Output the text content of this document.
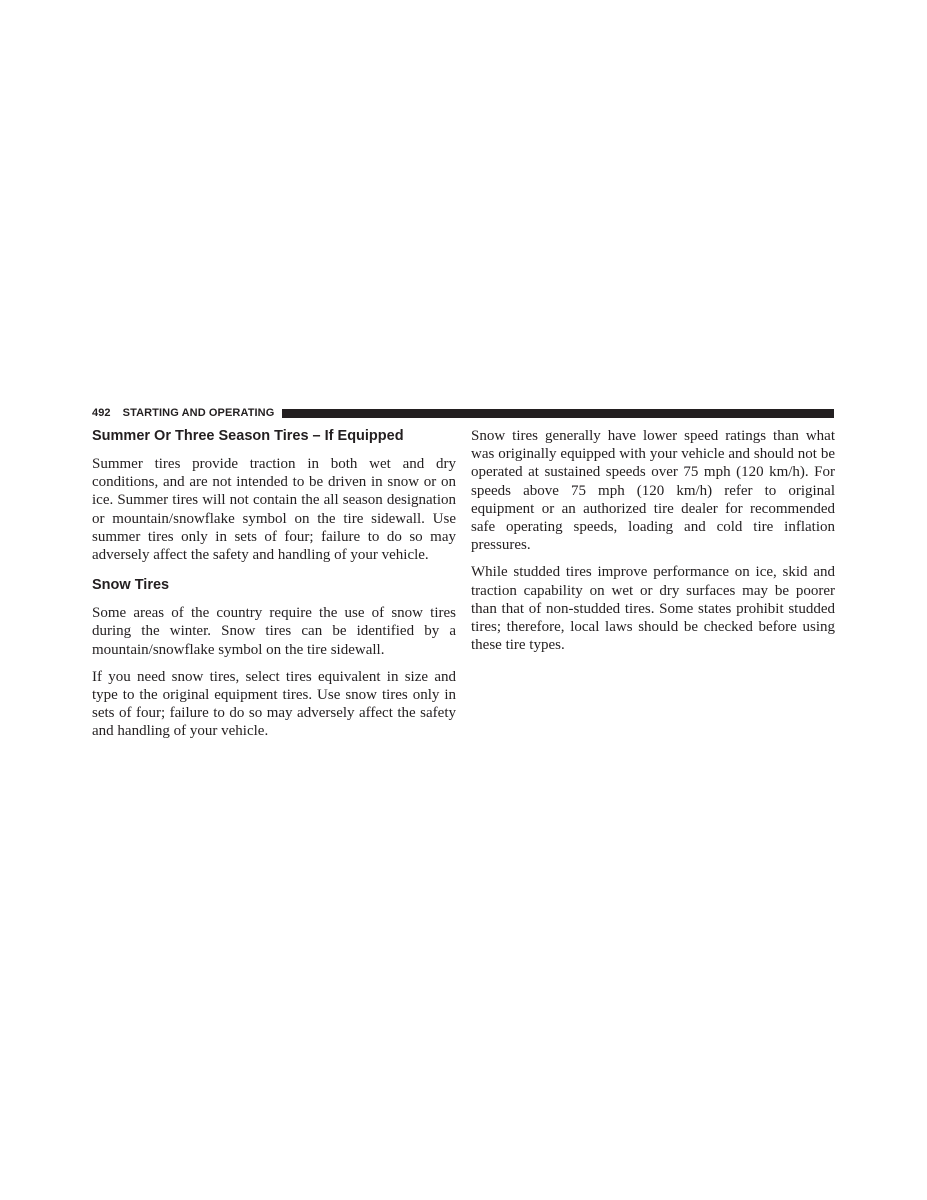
492 STARTING AND OPERATING
Summer Or Three Season Tires – If Equipped

Summer tires provide traction in both wet and dry conditions, and are not intended to be driven in snow or on ice. Summer tires will not contain the all season designation or mountain/snowflake symbol on the tire sidewall. Use summer tires only in sets of four; failure to do so may adversely affect the safety and handling of your vehicle.

Snow Tires

Some areas of the country require the use of snow tires during the winter. Snow tires can be identified by a mountain/snowflake symbol on the tire sidewall.

If you need snow tires, select tires equivalent in size and type to the original equipment tires. Use snow tires only in sets of four; failure to do so may adversely affect the safety and handling of your vehicle.

Snow tires generally have lower speed ratings than what was originally equipped with your vehicle and should not be operated at sustained speeds over 75 mph (120 km/h). For speeds above 75 mph (120 km/h) refer to original equipment or an authorized tire dealer for recommended safe operating speeds, loading and cold tire inflation pressures.

While studded tires improve performance on ice, skid and traction capability on wet or dry surfaces may be poorer than that of non-studded tires. Some states prohibit studded tires; therefore, local laws should be checked before using these tire types.
